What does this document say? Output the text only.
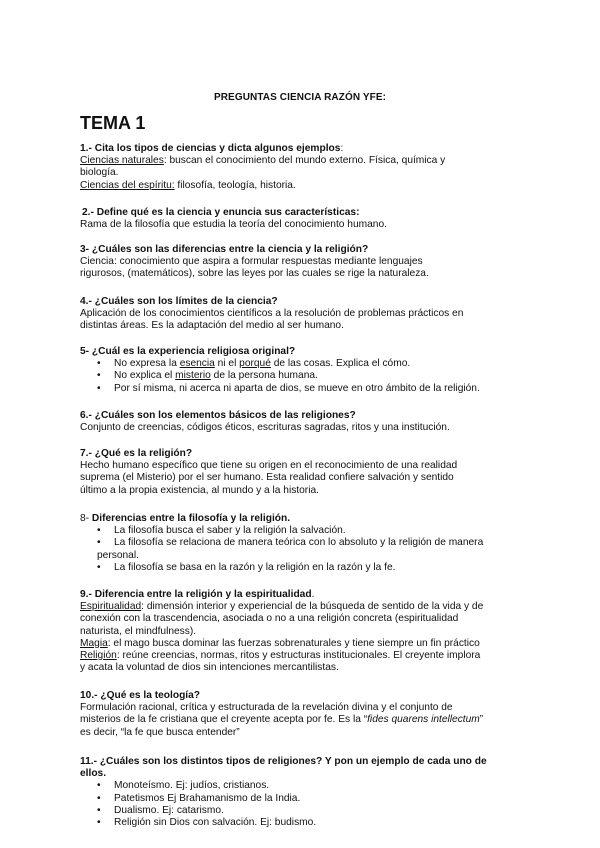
PREGUNTAS CIENCIA RAZÓN YFE:
TEMA 1
1.- Cita los tipos de ciencias y dicta algunos ejemplos:
Ciencias naturales: buscan el conocimiento del mundo externo. Física, química y
biología.
Ciencias del espíritu: filosofía, teología, historia.
2.- Define qué es la ciencia y enuncia sus características:
Rama de la filosofía que estudia la teoría del conocimiento humano.
3- ¿Cuáles son las diferencias entre la ciencia y la religión?
Ciencia: conocimiento que aspira a formular respuestas mediante lenguajes
rigurosos, (matemáticos), sobre las leyes por las cuales se rige la naturaleza.
4.- ¿Cuáles son los límites de la ciencia?
Aplicación de los conocimientos científicos a la resolución de problemas prácticos en
distintas áreas. Es la adaptación del medio al ser humano.
5- ¿Cuál es la experiencia religiosa original?
• No expresa la esencia ni el porqué de las cosas. Explica el cómo.
• No explica el misterio de la persona humana.
• Por sí misma, ni acerca ni aparta de dios, se mueve en otro ámbito de la religión.
6.- ¿Cuáles son los elementos básicos de las religiones?
Conjunto de creencias, códigos éticos, escrituras sagradas, ritos y una institución.
7.- ¿Qué es la religión?
Hecho humano específico que tiene su origen en el reconocimiento de una realidad
suprema (el Misterio) por el ser humano. Esta realidad confiere salvación y sentido
último a la propia existencia, al mundo y a la historia.
8- Diferencias entre la filosofía y la religión.
• La filosofía busca el saber y la religión la salvación.
• La filosofía se relaciona de manera teórica con lo absoluto y la religión de manera
personal.
• La filosofía se basa en la razón y la religión en la razón y la fe.
9.- Diferencia entre la religión y la espiritualidad.
Espiritualidad: dimensión interior y experiencial de la búsqueda de sentido de la vida y de
conexión con la trascendencia, asociada o no a una religión concreta (espiritualidad
naturista, el mindfulness).
Magia: el mago busca dominar las fuerzas sobrenaturales y tiene siempre un fin práctico
Religión: reúne creencias, normas, ritos y estructuras institucionales. El creyente implora
y acata la voluntad de dios sin intenciones mercantilistas.
10.- ¿Qué es la teología?
Formulación racional, crítica y estructurada de la revelación divina y el conjunto de
misterios de la fe cristiana que el creyente acepta por fe. Es la “fides quarens intellectum”
es decir, “la fe que busca entender”
11.- ¿Cuáles son los distintos tipos de religiones? Y pon un ejemplo de cada uno de
ellos.
• Monoteísmo. Ej: judíos, cristianos.
• Patetismos Ej Brahamanismo de la India.
• Dualismo. Ej: catarismo.
• Religión sin Dios con salvación. Ej: budismo.
